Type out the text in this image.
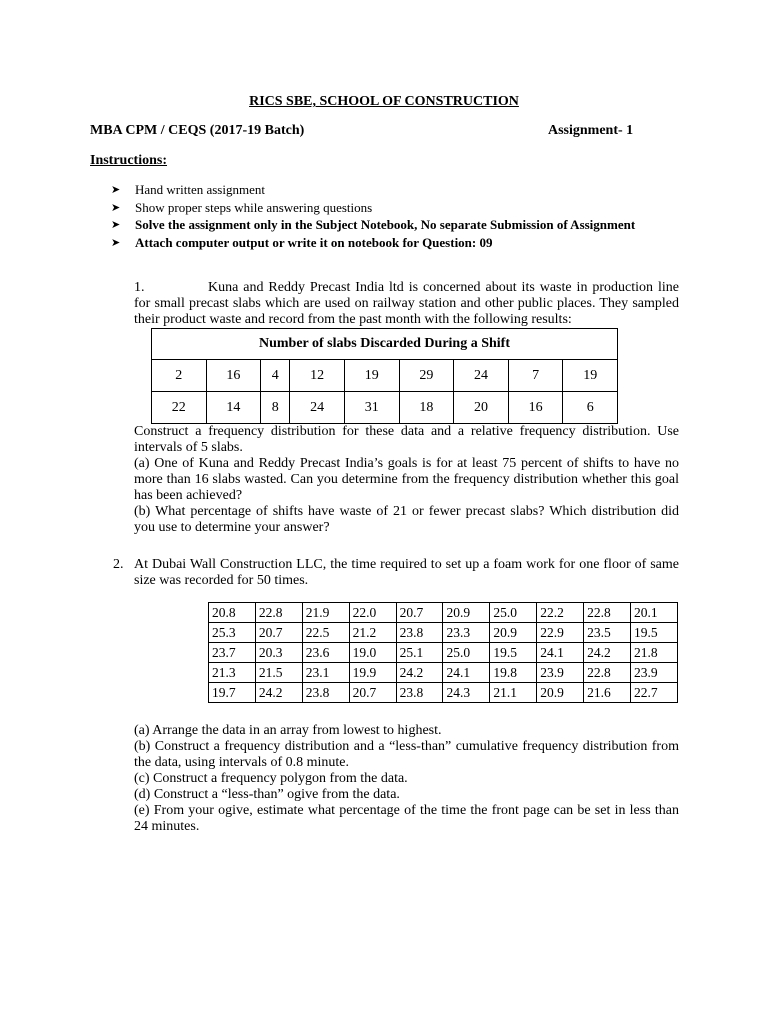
RICS SBE, SCHOOL OF CONSTRUCTION
MBA CPM / CEQS (2017-19 Batch)	Assignment- 1
Instructions:
➤ Hand written assignment
➤ Show proper steps while answering questions
➤ Solve the assignment only in the Subject Notebook, No separate Submission of Assignment
➤ Attach computer output or write it on notebook for Question: 09
1.	Kuna and Reddy Precast India ltd is concerned about its waste in production line for small precast slabs which are used on railway station and other public places. They sampled their product waste and record from the past month with the following results:
Number of slabs Discarded During a Shift								
2	16	4	12	19	29	24	7	19
22	14	8	24	31	18	20	16	6
Construct a frequency distribution for these data and a relative frequency distribution. Use intervals of 5 slabs.
(a) One of Kuna and Reddy Precast India’s goals is for at least 75 percent of shifts to have no more than 16 slabs wasted. Can you determine from the frequency distribution whether this goal has been achieved?
(b) What percentage of shifts have waste of 21 or fewer precast slabs? Which distribution did you use to determine your answer?
2. At Dubai Wall Construction LLC, the time required to set up a foam work for one floor of same size was recorded for 50 times.
20.8	22.8	21.9	22.0	20.7	20.9	25.0	22.2	22.8	20.1
25.3	20.7	22.5	21.2	23.8	23.3	20.9	22.9	23.5	19.5
23.7	20.3	23.6	19.0	25.1	25.0	19.5	24.1	24.2	21.8
21.3	21.5	23.1	19.9	24.2	24.1	19.8	23.9	22.8	23.9
19.7	24.2	23.8	20.7	23.8	24.3	21.1	20.9	21.6	22.7
(a) Arrange the data in an array from lowest to highest.
(b) Construct a frequency distribution and a “less-than” cumulative frequency distribution from the data, using intervals of 0.8 minute.
(c) Construct a frequency polygon from the data.
(d) Construct a “less-than” ogive from the data.
(e) From your ogive, estimate what percentage of the time the front page can be set in less than 24 minutes.
